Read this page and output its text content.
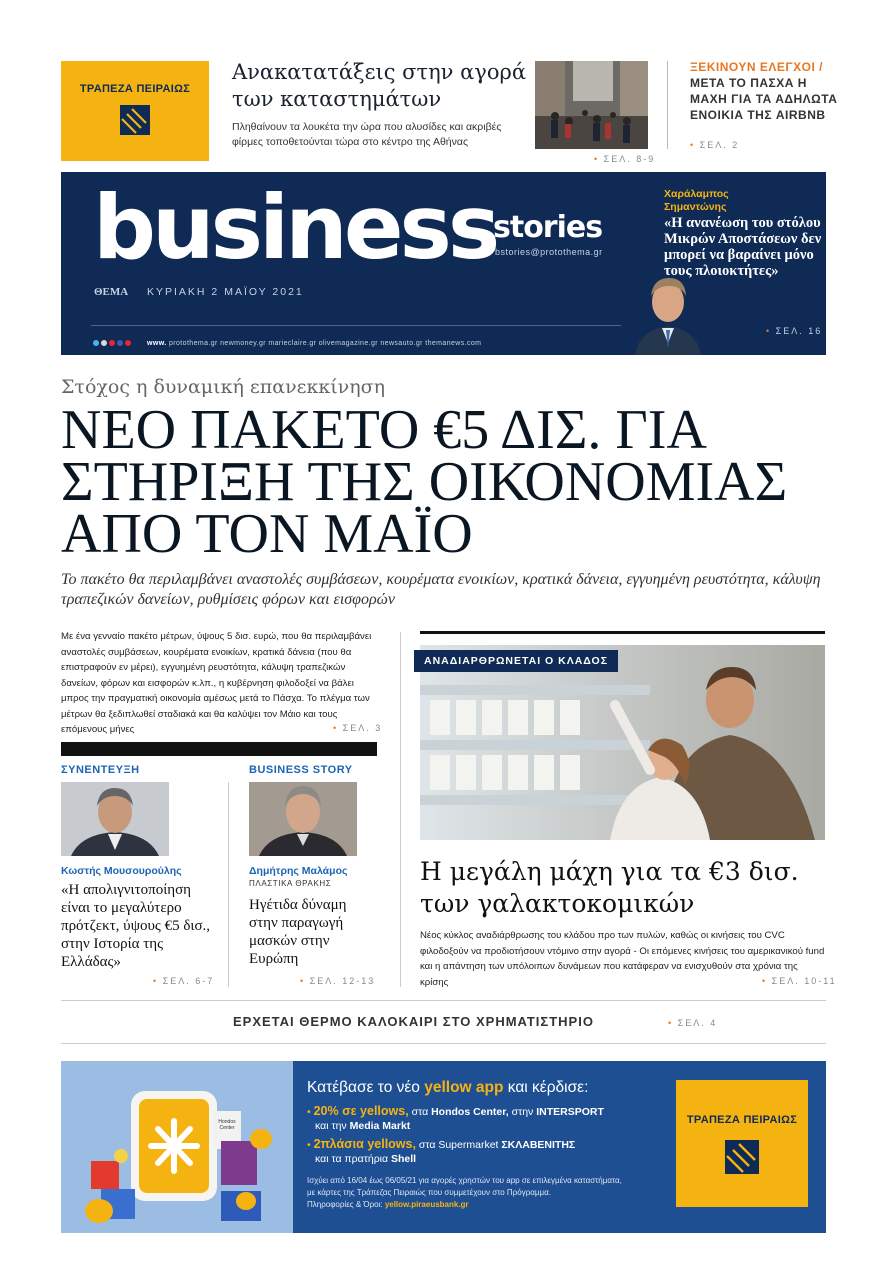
ΤΡΑΠΕΖΑ ΠΕΙΡΑΙΩΣ
Ανακατατάξεις στην αγορά των καταστημάτων
Πληθαίνουν τα λουκέτα την ώρα που αλυσίδες και ακριβές φίρμες τοποθετούνται τώρα στο κέντρο της Αθήνας
• ΣΕΛ. 8-9
ΞΕΚΙΝΟΥΝ ΕΛΕΓΧΟΙ /
ΜΕΤΑ ΤΟ ΠΑΣΧΑ Η ΜΑΧΗ ΓΙΑ ΤΑ ΑΔΗΛΩΤΑ ΕΝΟΙΚΙΑ ΤΗΣ AIRBNB
• ΣΕΛ. 2
business
stories
bstories@protothema.gr
ΘΕΜΑ ΚΥΡΙΑΚΗ 2 ΜΑΪΟΥ 2021
www. protothema.gr newmoney.gr marieclaire.gr olivemagazine.gr newsauto.gr themanews.com
Χαράλαμπος Σημαντώνης
«Η ανανέωση του στόλου Μικρών Αποστάσεων δεν μπορεί να βαραίνει μόνο τους πλοιοκτήτες»
• ΣΕΛ. 16
Στόχος η δυναμική επανεκκίνηση
ΝΕΟ ΠΑΚΕΤΟ €5 ΔΙΣ. ΓΙΑ ΣΤΗΡΙΞΗ ΤΗΣ ΟΙΚΟΝΟΜΙΑΣ ΑΠΟ ΤΟΝ ΜΑΪΟ
Το πακέτο θα περιλαμβάνει αναστολές συμβάσεων, κουρέματα ενοικίων, κρατικά δάνεια, εγγυημένη ρευστότητα, κάλυψη τραπεζικών δανείων, ρυθμίσεις φόρων και εισφορών
Με ένα γενναίο πακέτο μέτρων, ύψους 5 δισ. ευρώ, που θα περιλαμβάνει αναστολές συμβάσεων, κουρέματα ενοικίων, κρατικά δάνεια (που θα επιστραφούν εν μέρει), εγγυημένη ρευστότητα, κάλυψη τραπεζικών δανείων, φόρων και εισφορών κ.λπ., η κυβέρνηση φιλοδοξεί να βάλει μπρος την πραγματική οικονομία αμέσως μετά το Πάσχα. Το πλέγμα των μέτρων θα ξεδιπλωθεί σταδιακά και θα καλύψει τον Μάιο και τους επόμενους μήνες	• ΣΕΛ. 3
ΣΥΝΕΝΤΕΥΞΗ
Κωστής Μουσουρούλης
«Η απολιγνιτοποίηση είναι το μεγαλύτερο πρότζεκτ, ύψους €5 δισ., στην Ιστορία της Ελλάδας»
• ΣΕΛ. 6-7
BUSINESS STORY
Δημήτρης Μαλάμος
ΠΛΑΣΤΙΚΑ ΘΡΑΚΗΣ
Ηγέτιδα δύναμη στην παραγωγή μασκών στην Ευρώπη
• ΣΕΛ. 12-13
ΑΝΑΔΙΑΡΘΡΩΝΕΤΑΙ Ο ΚΛΑΔΟΣ
Η μεγάλη μάχη για τα €3 δισ. των γαλακτοκομικών
Νέος κύκλος αναδιάρθρωσης του κλάδου προ των πυλών, καθώς οι κινήσεις του CVC φιλοδοξούν να προδιοτήσουν ντόμινο στην αγορά - Οι επόμενες κινήσεις του αμερικανικού fund και η απάντηση των υπόλοιπων δυνάμεων που κατάφεραν να ενισχυθούν στα χρόνια της κρίσης	• ΣΕΛ. 10-11
ΕΡΧΕΤΑΙ ΘΕΡΜΟ ΚΑΛΟΚΑΙΡΙ ΣΤΟ ΧΡΗΜΑΤΙΣΤΗΡΙΟ	• ΣΕΛ. 4
Hondos Center
Κατέβασε το νέο yellow app και κέρδισε:
• 20% σε yellows, στα Hondos Center, στην INTERSPORT
και την Media Markt
• 2πλάσια yellows, στα Supermarket ΣΚΛΑΒΕΝΙΤΗΣ
και τα πρατήρια Shell
Ισχύει από 16/04 έως 06/05/21 για αγορές χρηστών του app σε επιλεγμένα καταστήματα,
με κάρτες της Τράπεζας Πειραιώς που συμμετέχουν στο Πρόγραμμα.
Πληροφορίες & Όροι: yellow.piraeusbank.gr
ΤΡΑΠΕΖΑ ΠΕΙΡΑΙΩΣ
